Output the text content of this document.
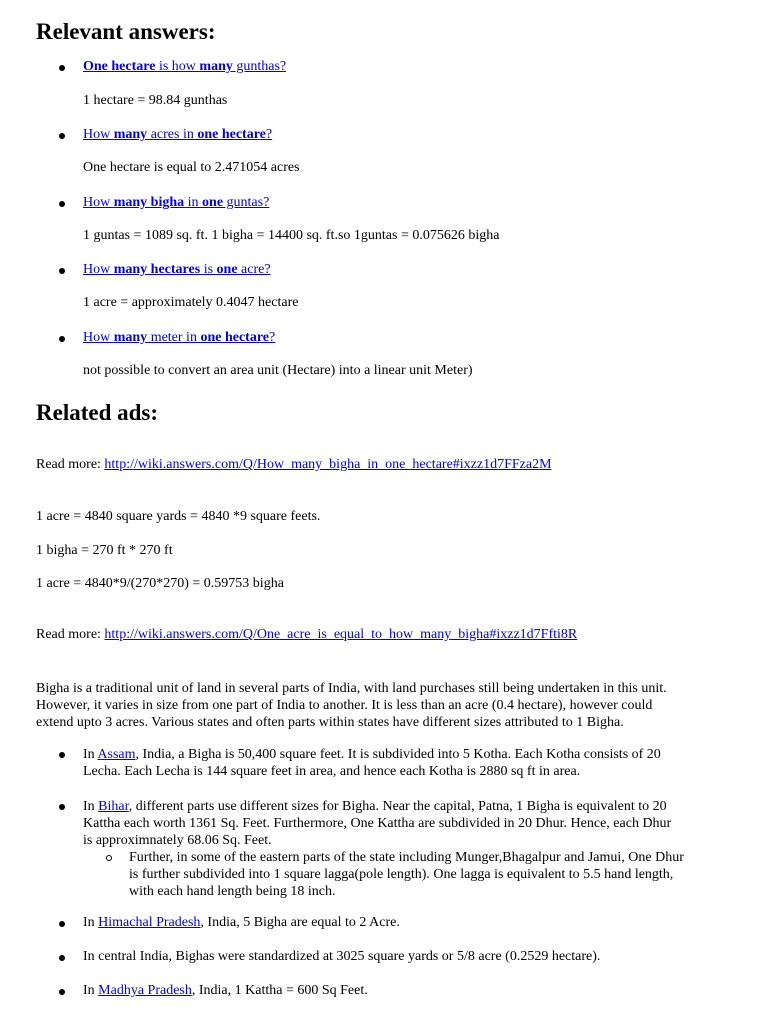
Relevant answers:
One hectare is how many gunthas?
1 hectare = 98.84 gunthas
How many acres in one hectare?
One hectare is equal to 2.471054 acres
How many bigha in one guntas?
1 guntas = 1089 sq. ft. 1 bigha = 14400 sq. ft.so 1guntas = 0.075626 bigha
How many hectares is one acre?
1 acre = approximately 0.4047 hectare
How many meter in one hectare?
not possible to convert an area unit (Hectare) into a linear unit Meter)
Related ads:
Read more: http://wiki.answers.com/Q/How_many_bigha_in_one_hectare#ixzz1d7FFza2M
1 acre = 4840 square yards = 4840 *9 square feets.
1 bigha = 270 ft * 270 ft
1 acre = 4840*9/(270*270) = 0.59753 bigha
Read more: http://wiki.answers.com/Q/One_acre_is_equal_to_how_many_bigha#ixzz1d7Ffti8R
Bigha is a traditional unit of land in several parts of India, with land purchases still being undertaken in this unit.
However, it varies in size from one part of India to another. It is less than an acre (0.4 hectare), however could
extend upto 3 acres. Various states and often parts within states have different sizes attributed to 1 Bigha.
In Assam, India, a Bigha is 50,400 square feet. It is subdivided into 5 Kotha. Each Kotha consists of 20
Lecha. Each Lecha is 144 square feet in area, and hence each Kotha is 2880 sq ft in area.
In Bihar, different parts use different sizes for Bigha. Near the capital, Patna, 1 Bigha is equivalent to 20
Kattha each worth 1361 Sq. Feet. Furthermore, One Kattha are subdivided in 20 Dhur. Hence, each Dhur
is approximnately 68.06 Sq. Feet.
Further, in some of the eastern parts of the state including Munger,Bhagalpur and Jamui, One Dhur
is further subdivided into 1 square lagga(pole length). One lagga is equivalent to 5.5 hand length,
with each hand length being 18 inch.
In Himachal Pradesh, India, 5 Bigha are equal to 2 Acre.
In central India, Bighas were standardized at 3025 square yards or 5/8 acre (0.2529 hectare).
In Madhya Pradesh, India, 1 Kattha = 600 Sq Feet.
